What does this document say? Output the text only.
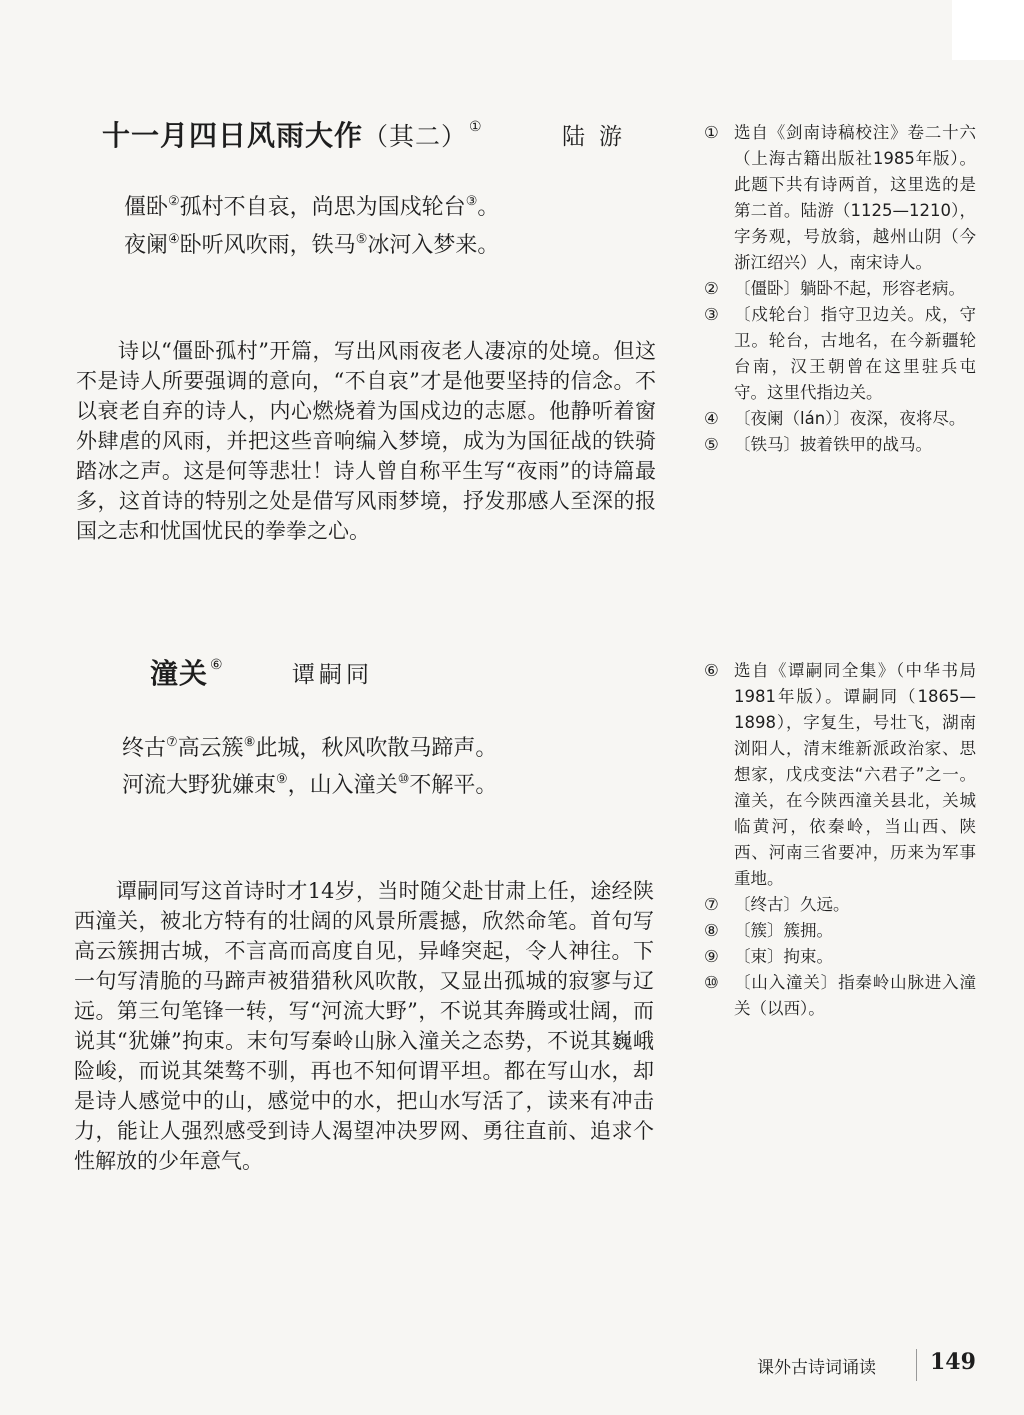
十一月四日风雨大作（其二） ①	陆游
僵卧②孤村不自哀，尚思为国戍轮台③。
夜阑④卧听风吹雨，铁马⑤冰河入梦来。

诗以“僵卧孤村”开篇，写出风雨夜老人凄凉的处境。但这不是诗人所要强调的意向，“不自哀”才是他要坚持的信念。不以衰老自弃的诗人，内心燃烧着为国戍边的志愿。他静听着窗外肆虐的风雨，并把这些音响编入梦境，成为为国征战的铁骑踏冰之声。这是何等悲壮！诗人曾自称平生写“夜雨”的诗篇最多，这首诗的特别之处是借写风雨梦境，抒发那感人至深的报国之志和忧国忧民的拳拳之心。

① 选自《剑南诗稿校注》卷二十六（上海古籍出版社1985年版）。此题下共有诗两首，这里选的是第二首。陆游（1125—1210），字务观，号放翁，越州山阴（今浙江绍兴）人，南宋诗人。
② 〔僵卧〕躺卧不起，形容老病。
③ 〔戍轮台〕指守卫边关。戍，守卫。轮台，古地名，在今新疆轮台南，汉王朝曾在这里驻兵屯守。这里代指边关。
④ 〔夜阑（lán）〕夜深，夜将尽。
⑤ 〔铁马〕披着铁甲的战马。
潼关 ⑥	谭嗣同
终古⑦高云簇⑧此城，秋风吹散马蹄声。
河流大野犹嫌束⑨，山入潼关⑩不解平。

谭嗣同写这首诗时才14岁，当时随父赴甘肃上任，途经陕西潼关，被北方特有的壮阔的风景所震撼，欣然命笔。首句写高云簇拥古城，不言高而高度自见，异峰突起，令人神往。下一句写清脆的马蹄声被猎猎秋风吹散，又显出孤城的寂寥与辽远。第三句笔锋一转，写“河流大野”，不说其奔腾或壮阔，而说其“犹嫌”拘束。末句写秦岭山脉入潼关之态势，不说其巍峨险峻，而说其桀骜不驯，再也不知何谓平坦。都在写山水，却是诗人感觉中的山，感觉中的水，把山水写活了，读来有冲击力，能让人强烈感受到诗人渴望冲决罗网、勇往直前、追求个性解放的少年意气。

⑥ 选自《谭嗣同全集》（中华书局1981年版）。谭嗣同（1865—1898），字复生，号壮飞，湖南浏阳人，清末维新派政治家、思想家，戊戌变法“六君子”之一。潼关，在今陕西潼关县北，关城临黄河，依秦岭，当山西、陕西、河南三省要冲，历来为军事重地。
⑦ 〔终古〕久远。
⑧ 〔簇〕簇拥。
⑨ 〔束〕拘束。
⑩ 〔山入潼关〕指秦岭山脉进入潼关（以西）。
课外古诗词诵读 149
